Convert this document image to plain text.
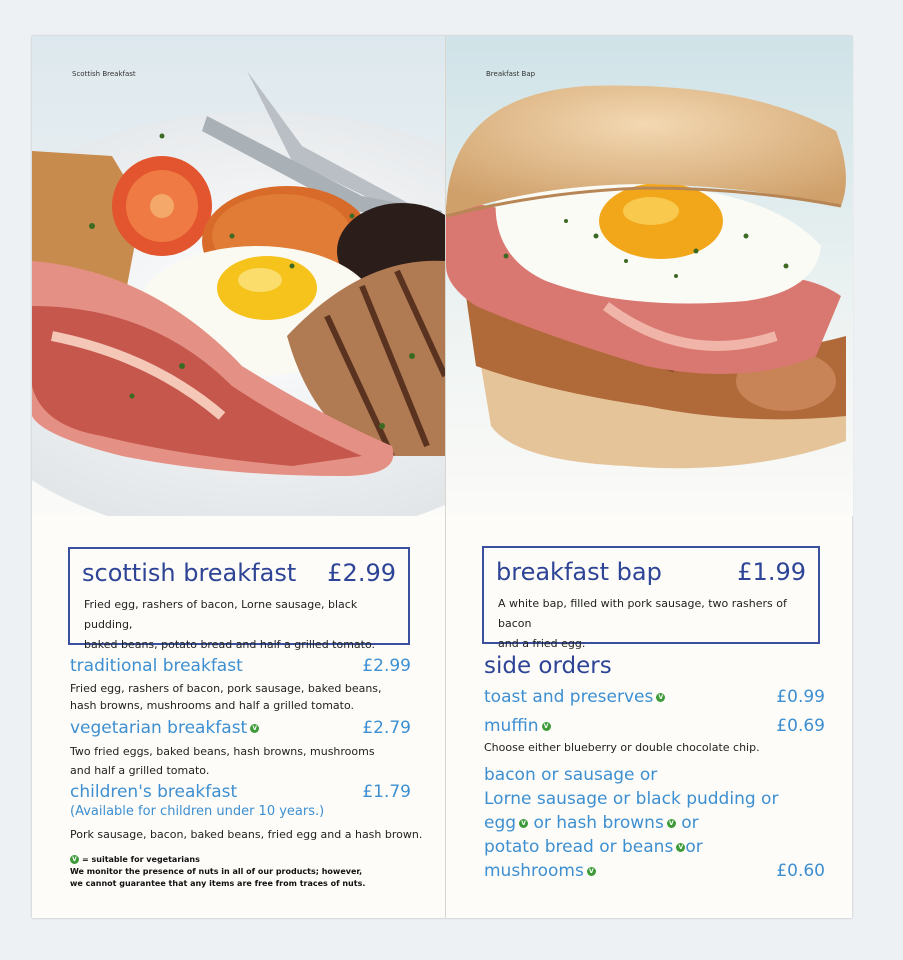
Scottish Breakfast
scottish breakfast £2.99
Fried egg, rashers of bacon, Lorne sausage, black pudding,
baked beans, potato bread and half a grilled tomato.
traditional breakfast	£2.99
Fried egg, rashers of bacon, pork sausage, baked beans,
hash browns, mushrooms and half a grilled tomato.
vegetarian breakfast V	£2.79
Two fried eggs, baked beans, hash browns, mushrooms
and half a grilled tomato.
children's breakfast	£1.79
(Available for children under 10 years.)
Pork sausage, bacon, baked beans, fried egg and a hash brown.
V = suitable for vegetarians
We monitor the presence of nuts in all of our products; however,
we cannot guarantee that any items are free from traces of nuts.
Breakfast Bap
breakfast bap	£1.99
A white bap, filled with pork sausage, two rashers of bacon
and a fried egg.
side orders
toast and preserves V	£0.99
muffin V	£0.69
Choose either blueberry or double chocolate chip.
bacon or sausage or
Lorne sausage or black pudding or
egg V or hash browns V or
potato bread or beans V or
mushrooms V	£0.60
